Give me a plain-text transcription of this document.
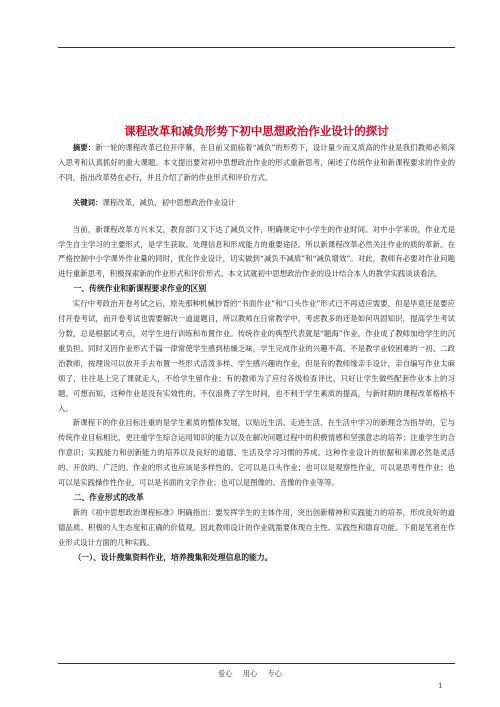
课程改革和减负形势下初中思想政治作业设计的探讨

摘要：新一轮的课程改革已拉开序幕，在目前又面临着“减负”的形势下，设计量少而又质高的作业是我们教师必须深入思考和认真抓好的重大课题。本文提出要对初中思想政治作业的形式重新思考，阐述了传统作业和新课程要求的作业的不同，指出改革势在必行，并且介绍了新的作业形式和评价方式。

关键词：课程改革，减负，初中思想政治作业设计

当前，新课程改革方兴未艾，教育部门又下达了减负文件，明确规定中小学生的作业时间。对中小学来说，作业尤是学生自主学习的主要形式，是学生获取、处理信息和形成能力的重要途径。所以新课程改革必然关注作业的质的革新。在严格控制中小学课外作业量的同时，优化作业设计，切实做到“减负不减质”和“减负增效”。对此，教师有必要对作业问题进行重新思考，积极探索新的作业形式和评价形式。本文试就初中思想政治作业的设计结合本人的教学实践谈谈看法。

一、传统作业和新课程要求作业的区别

实行中考政治开卷考试之后，原先那种机械抄背的“书面作业”和“口头作业”形式已不再适应需要，但是毕竟还是要应付开卷考试，而开卷考试也需要解决一道道题目，所以教师在日常教学中，考虑教多的还是如何巩固知识，提高学生考试分数，总是根据试考点，对学生进行训练和布置作业。传统作业的典型代表就是“题海”作业，作业成了教师加给学生的沉重负担。同时又因作业形式千篇一律常使学生感到枯燥乏味，学生完成作业的兴趣不高。不是教学业较困难的一初、二政治教师，按理说可以放开手去布置一些形式活泼多样、学生感兴趣的作业，但是有的教师缘亲手设计，亲自编写作业太麻烦了，往往是上完了课就走人，不给学生留作业；有的教师为了应付各级检查评比，只好让学生做些配套作业本上的习题。可想而知，这种作业是没有实效性的，不仅浪费了学生时间，也不利于学生素质的提高，与新时期的课程改革格格不入。

新课程下的作业目标注重的是学生素质的整体发展，以贴近生活、走进生活、在生活中学习的新理念为指导的，它与传统作业目标相比，更注重学生综合运用知识的能力以及在解决问题过程中的积极情感和坚强意志的培养；注重学生的合作意识；实践能力和创新能力的培养以及良好的道德、生活及学习习惯的养成。这种作业设计的依据和来源必然是灵活的、开放的、广泛的。作业的形式也应该是多样性的。它可以是口头作业；也可以是观察性作业，可以是思考性作业；也可以是实践操作性作业，可以是书面的文字作业；也可以是图像的、音像的作业等等。

二、作业形式的改革

新的《初中思想政治课程标准》明确指出：要发挥学生的主体作用，突出创新精神和实践能力的培养，形成良好的道德品质、积极的人生态度和正确的价值观。因此教师设计的作业就需要体现自主性、实践性和德育功能。下面是笔者在作业形式设计方面的几种实践。

（一）、设计搜集资料作业，培养搜集和处理信息的能力。
爱心 用心 专心
1
